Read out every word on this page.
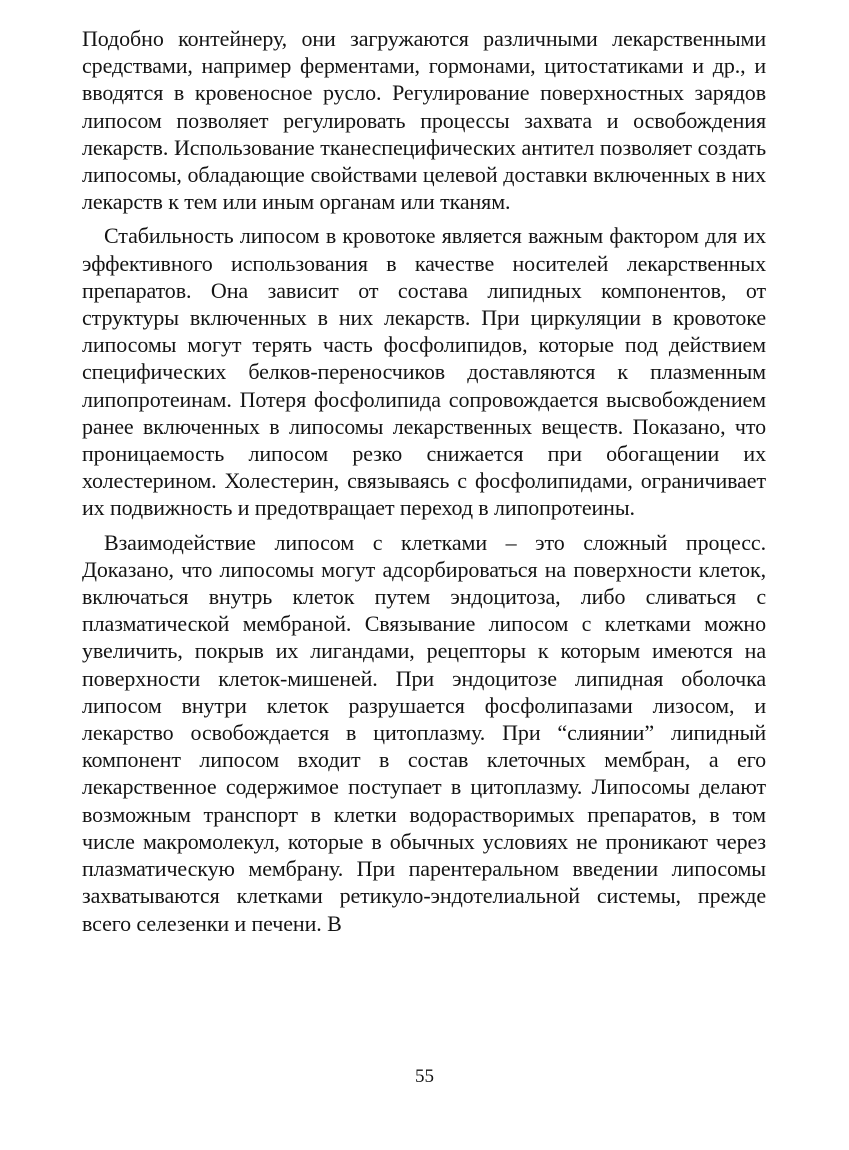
Подобно контейнеру, они загружаются различными лекарственными средствами, например ферментами, гормонами, цитостатиками и др., и вводятся в кровеносное русло. Регулирование поверхностных зарядов липосом позволяет регулировать процессы захвата и освобождения лекарств. Использование тканеспецифических антител позволяет создать липосомы, обладающие свойствами целевой доставки включенных в них лекарств к тем или иным органам или тканям.

Стабильность липосом в кровотоке является важным фактором для их эффективного использования в качестве носителей лекарственных препаратов. Она зависит от состава липидных компонентов, от структуры включенных в них лекарств. При циркуляции в кровотоке липосомы могут терять часть фосфолипидов, которые под действием специфических белков-переносчиков доставляются к плазменным липопротеинам. Потеря фосфолипида сопровождается высвобождением ранее включенных в липосомы лекарственных веществ. Показано, что проницаемость липосом резко снижается при обогащении их холестерином. Холестерин, связываясь с фосфолипидами, ограничивает их подвижность и предотвращает переход в липопротеины.

Взаимодействие липосом с клетками – это сложный процесс. Доказано, что липосомы могут адсорбироваться на поверхности клеток, включаться внутрь клеток путем эндоцитоза, либо сливаться с плазматической мембраной. Связывание липосом с клетками можно увеличить, покрыв их лигандами, рецепторы к которым имеются на поверхности клеток-мишеней. При эндоцитозе липидная оболочка липосом внутри клеток разрушается фосфолипазами лизосом, и лекарство освобождается в цитоплазму. При “слиянии” липидный компонент липосом входит в состав клеточных мембран, а его лекарственное содержимое поступает в цитоплазму. Липосомы делают возможным транспорт в клетки водорастворимых препаратов, в том числе макромолекул, которые в обычных условиях не проникают через плазматическую мембрану. При парентеральном введении липосомы захватываются клетками ретикуло-эндотелиальной системы, прежде всего селезенки и печени. В

55
